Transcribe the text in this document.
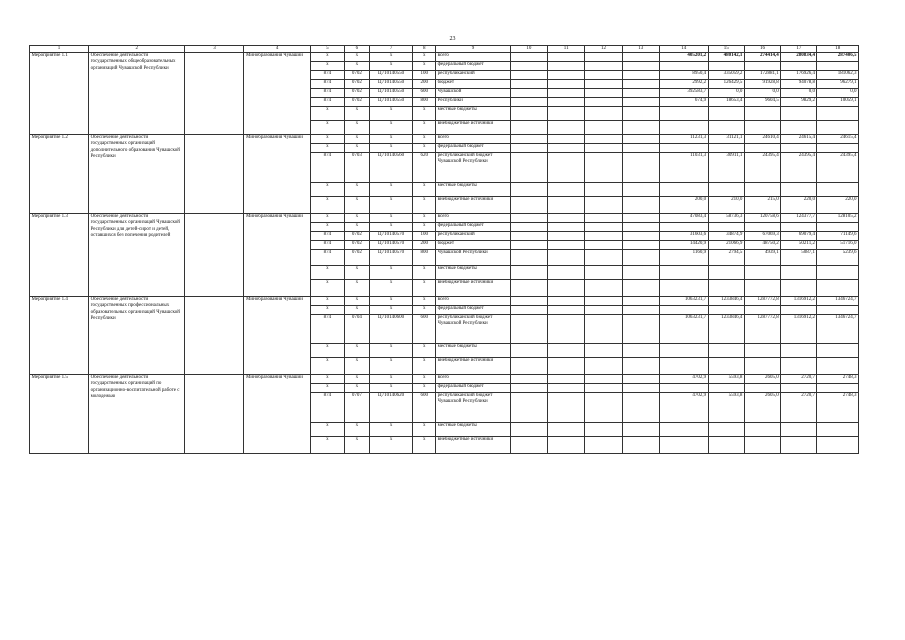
23
1	2	3	4	5	6	7	8	9	10	11	12	13	14	15	16	17	18
Мероприятие 1.1	Обеспечение деятельности государственных общеобразовательных организаций Чувашской Республики		Минобразования Чувашии	x	x	x	x	всего					405201,2	480142,1	274414,4	280834,4	287406,5
				x	x	x	x	федеральный бюджет									
				874	0702	Ц710140550	100	республиканский					8950,4	335059,2	172881,1	176926,4	181062,3
				874	0702	Ц710140550	200	бюджет					2992,2	126429,5	91928,8	94078,8	96279,1
				874	0702	Ц710140550	600	Чувашской					392583,7	0,0	0,0	0,0	0,0
				874	0702	Ц710140550	800	Республики					674,9	18653,4	9604,5	9829,2	10059,1
				x	x	x	x	местные бюджеты									
				x	x	x	x	внебюджетные источники									
Мероприятие 1.2	Обеспечение деятельности государственных организаций дополнительного образования Чувашской Республики		Минобразования Чувашии	x	x	x	x	всего					11231,3	31121,1	24610,4	24615,4	24615,4
				x	x	x	x	федеральный бюджет									
				874	0703	Ц710140560	620	республиканский бюджет Чувашской Республики					11031,3	30911,1	24395,4	24395,4	24395,4
				x	x	x	x	местные бюджеты									
				x	x	x	x	внебюджетные источники					200,0	210,0	215,0	220,0	220,0
Мероприятие 1.3	Обеспечение деятельности государственных организаций Чувашской Республики для детей-сирот и детей, оставшихся без попечения родителей		Минобразования Чувашии	x	x	x	x	всего					47083,4	58736,3	120758,6	124377,7	128105,2
				x	x	x	x	федеральный бюджет									
				874	0702	Ц710140570	100	республиканский					31603,6	34874,9	67069,3	69079,4	71149,6
				874	0702	Ц710140570	200	бюджет					14420,9	21066,9	48750,2	50211,2	51716,0
				874	0702	Ц710140570	800	Чувашской Республики					1160,9	2794,5	4939,1	5087,1	5239,6
				x	x	x	x	местные бюджеты									
				x	x	x	x	внебюджетные источники									
Мероприятие 1.4	Обеспечение деятельности государственных профессиональных образовательных организаций Чувашской Республики		Минобразования Чувашии	x	x	x	x	всего					1063231,7	1233846,4	1287772,8	1316912,2	1346724,7
				x	x	x	x	федеральный бюджет									
				874	0704	Ц710140600	600	республиканский бюджет Чувашской Республики					1063231,7	1233846,4	1287772,8	1316912,2	1346724,7
				x	x	x	x	местные бюджеты									
				x	x	x	x	внебюджетные источники									
Мероприятие 1.5	Обеспечение деятельности государственных организаций по организационно-воспитательной работе с молодежью		Минобразования Чувашии	x	x	x	x	всего					4702,9	5593,8	2605,0	2720,7	2748,3
				x	x	x	x	федеральный бюджет									
				874	0707	Ц710140620	600	республиканский бюджет Чувашской Республики					4702,9	5593,8	2605,0	2720,7	2748,3
				x	x	x	x	местные бюджеты									
				x	x	x	x	внебюджетные источники									
